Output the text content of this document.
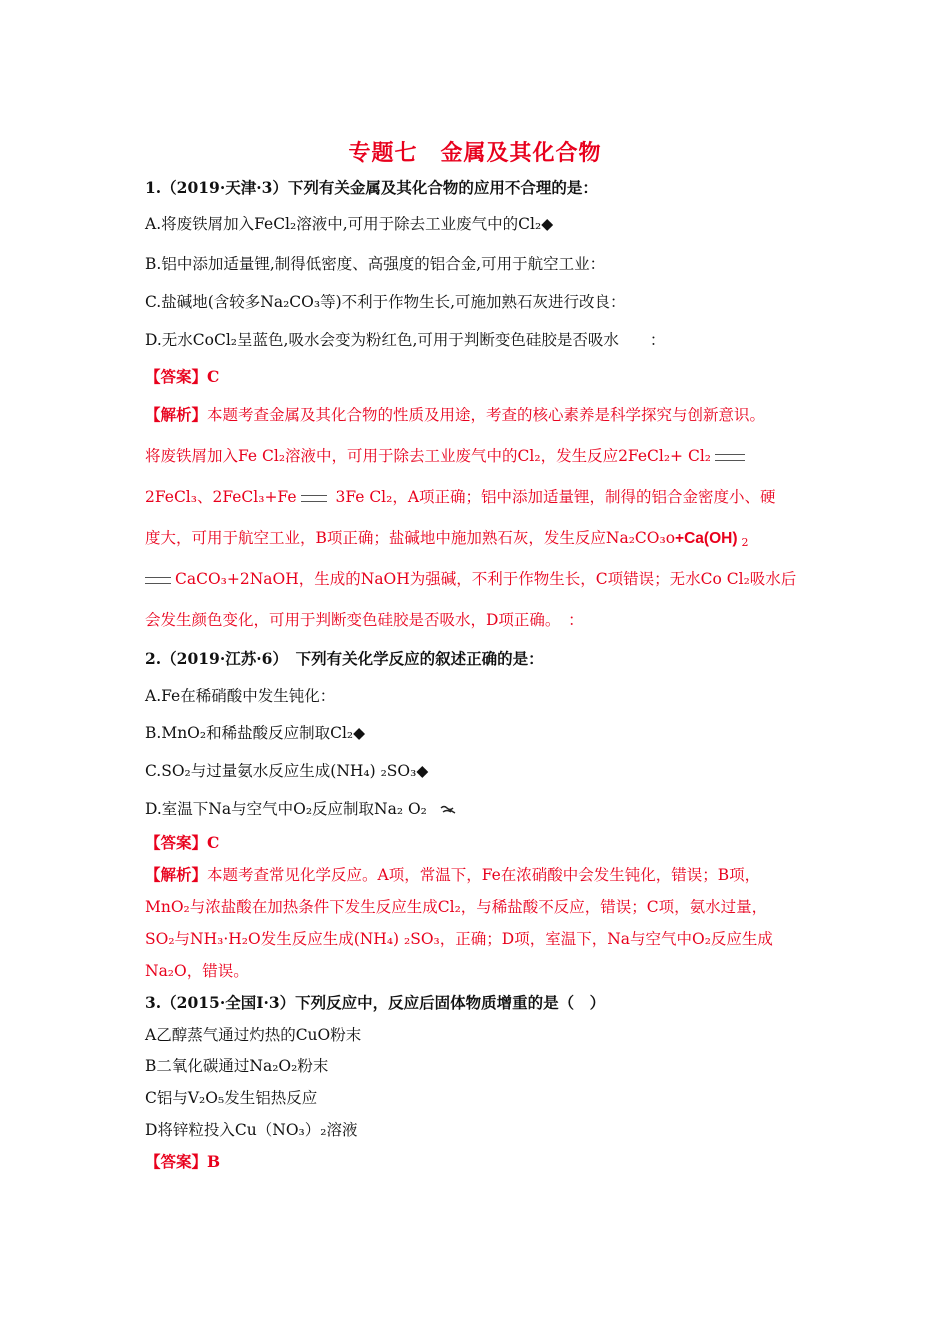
专题七　金属及其化合物
1.（2019·天津·3）下列有关金属及其化合物的应用不合理的是：
A.将废铁屑加入FeCl₂溶液中,可用于除去工业废气中的Cl₂◆
B.铝中添加适量锂,制得低密度、高强度的铝合金,可用于航空工业：
C.盐碱地(含较多Na₂CO₃等)不利于作物生长,可施加熟石灰进行改良：
D.无水CoCl₂呈蓝色,吸水会变为粉红色,可用于判断变色硅胶是否吸水　　：
【答案】C
【解析】本题考查金属及其化合物的性质及用途，考查的核心素养是科学探究与创新意识。
将废铁屑加入Fe Cl₂溶液中，可用于除去工业废气中的Cl₂，发生反应2FeCl₂+ Cl₂
2FeCl₃、2FeCl₃+Fe	3Fe Cl₂，A项正确；铝中添加适量锂，制得的铝合金密度小、硬
度大，可用于航空工业，B项正确；盐碱地中施加熟石灰，发生反应Na₂CO₃o+Ca(OH) 2
CaCO₃+2NaOH，生成的NaOH为强碱，不利于作物生长，C项错误；无水Co Cl₂吸水后
会发生颜色变化，可用于判断变色硅胶是否吸水，D项正确。　：
2.（2019·江苏·6）　下列有关化学反应的叙述正确的是：
A.Fe在稀硝酸中发生钝化：
B.MnO₂和稀盐酸反应制取Cl₂◆
C.SO₂与过量氨水反应生成(NH₄) ₂SO₃◆
D.室温下Na与空气中O₂反应制取Na₂ O₂
【答案】C
【解析】本题考查常见化学反应。A项，常温下，Fe在浓硝酸中会发生钝化，错误；B项，
MnO₂与浓盐酸在加热条件下发生反应生成Cl₂，与稀盐酸不反应，错误；C项，氨水过量，
SO₂与NH₃·H₂O发生反应生成(NH₄) ₂SO₃，正确；D项，室温下，Na与空气中O₂反应生成
Na₂O，错误。
3.（2015·全国Ⅰ·3）下列反应中，反应后固体物质增重的是（　）
A乙醇蒸气通过灼热的CuO粉末
B二氧化碳通过Na₂O₂粉末
C铝与V₂O₅发生铝热反应
D将锌粒投入Cu（NO₃）₂溶液
【答案】B
